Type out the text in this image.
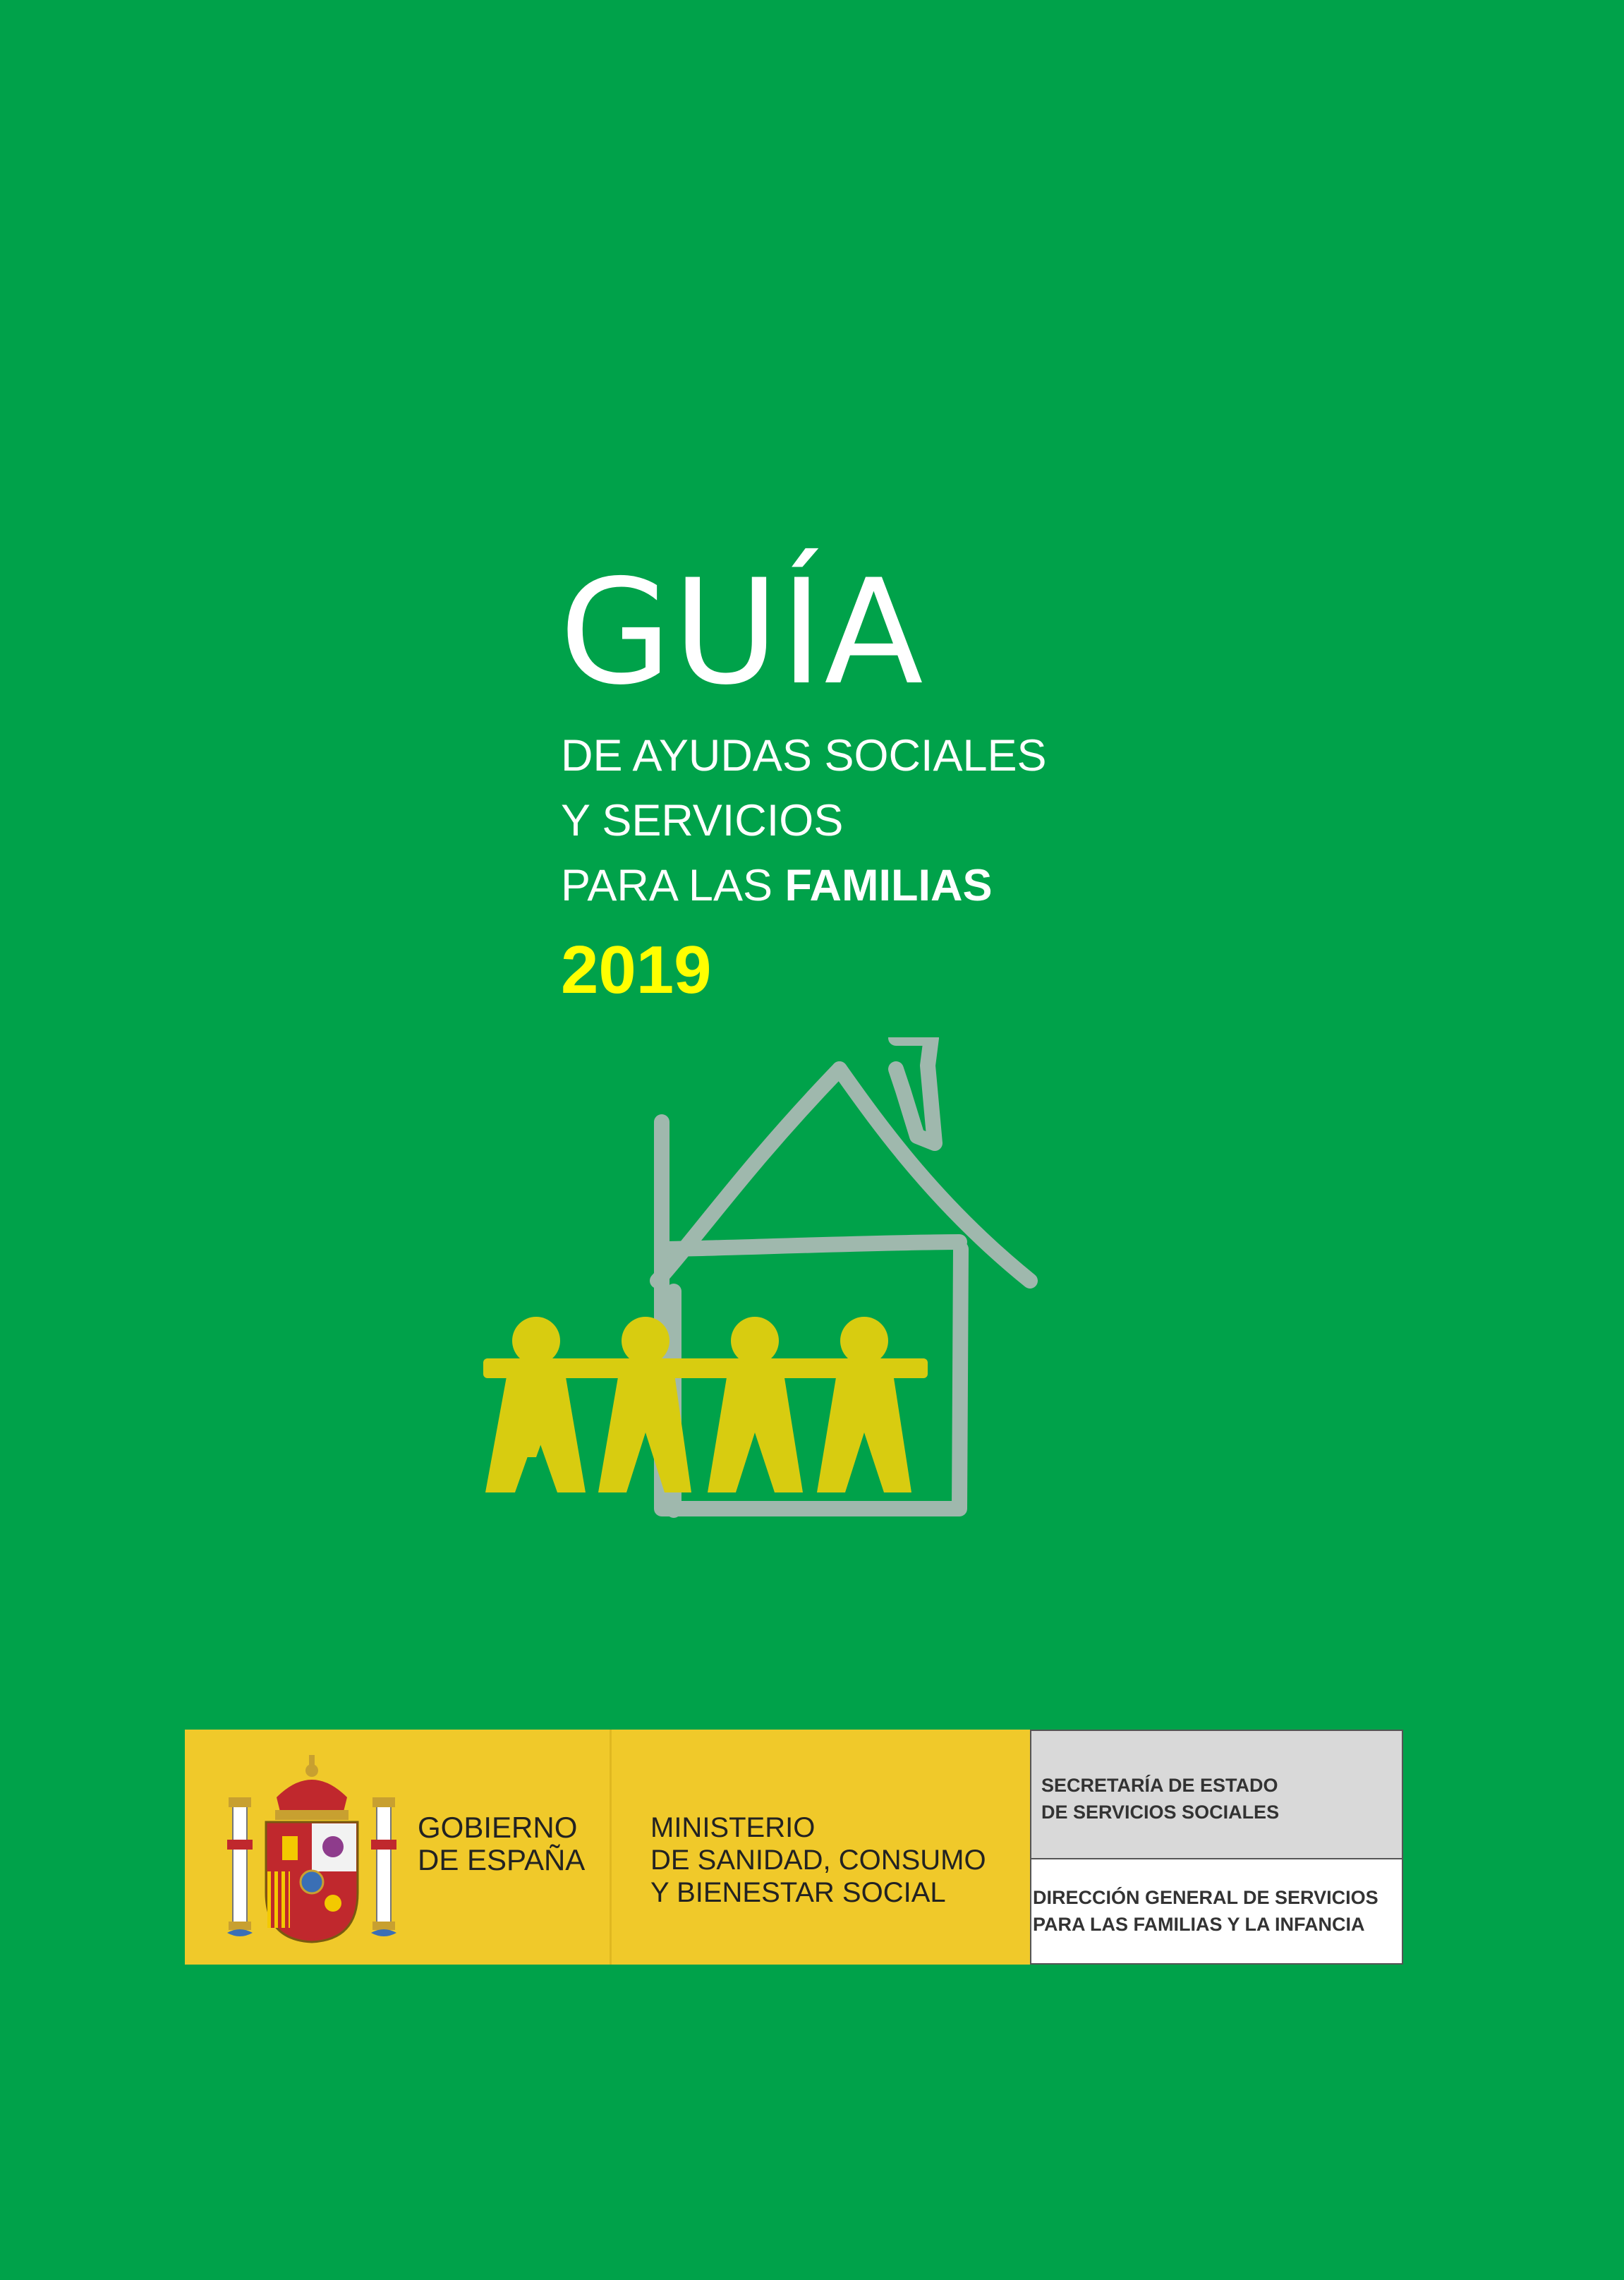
GUÍA

DE AYUDAS SOCIALES

Y SERVICIOS

PARA LAS FAMILIAS

2019

GOBIERNO
DE ESPAÑA
MINISTERIO
DE SANIDAD, CONSUMO
Y BIENESTAR SOCIAL
SECRETARÍA DE ESTADO
DE SERVICIOS SOCIALES
DIRECCIÓN GENERAL DE SERVICIOS
PARA LAS FAMILIAS Y LA INFANCIA
